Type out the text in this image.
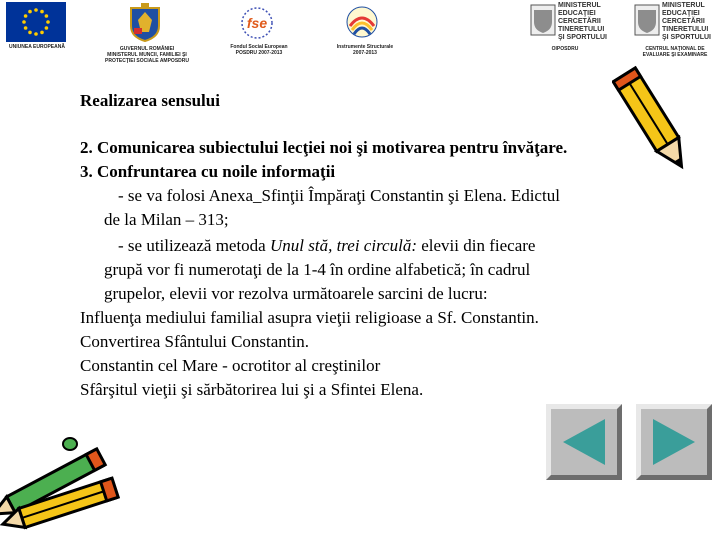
UNIUNEA EUROPEANĂ	GUVERNUL ROMÂNIEI MINISTERUL MUNCII, FAMILIEI ŞI PROTECŢIEI SOCIALE AMPOSDRU
fse
Fondul Social European POSDRU 2007-2013
Instrumente Structurale 2007-2013
MINISTERUL
EDUCAŢIEI
CERCETĂRII
TINERETULUI
ŞI SPORTULUI
OIPOSDRU
MINISTERUL
EDUCAŢIEI
CERCETĂRII
TINERETULUI
ŞI SPORTULUI
CENTRUL NAŢIONAL DE EVALUARE ŞI EXAMINARE
Realizarea sensului
2. Comunicarea subiectului lecţiei noi şi motivarea pentru învăţare.
3. Confruntarea cu noile informaţii
- se va folosi Anexa_Sfinţii Împăraţi Constantin şi Elena. Edictul
de la Milan – 313;
- se utilizează metoda Unul stă, trei circulă: elevii din fiecare
grupă vor fi numerotaţi de la 1-4 în ordine alfabetică; în cadrul
grupelor, elevii vor rezolva următoarele sarcini de lucru:
Influenţa mediului familial asupra vieţii religioase a Sf. Constantin.
Convertirea Sfântului Constantin.
Constantin cel Mare - ocrotitor al creştinilor
Sfârşitul vieţii şi sărbătorirea lui şi a Sfintei Elena.
